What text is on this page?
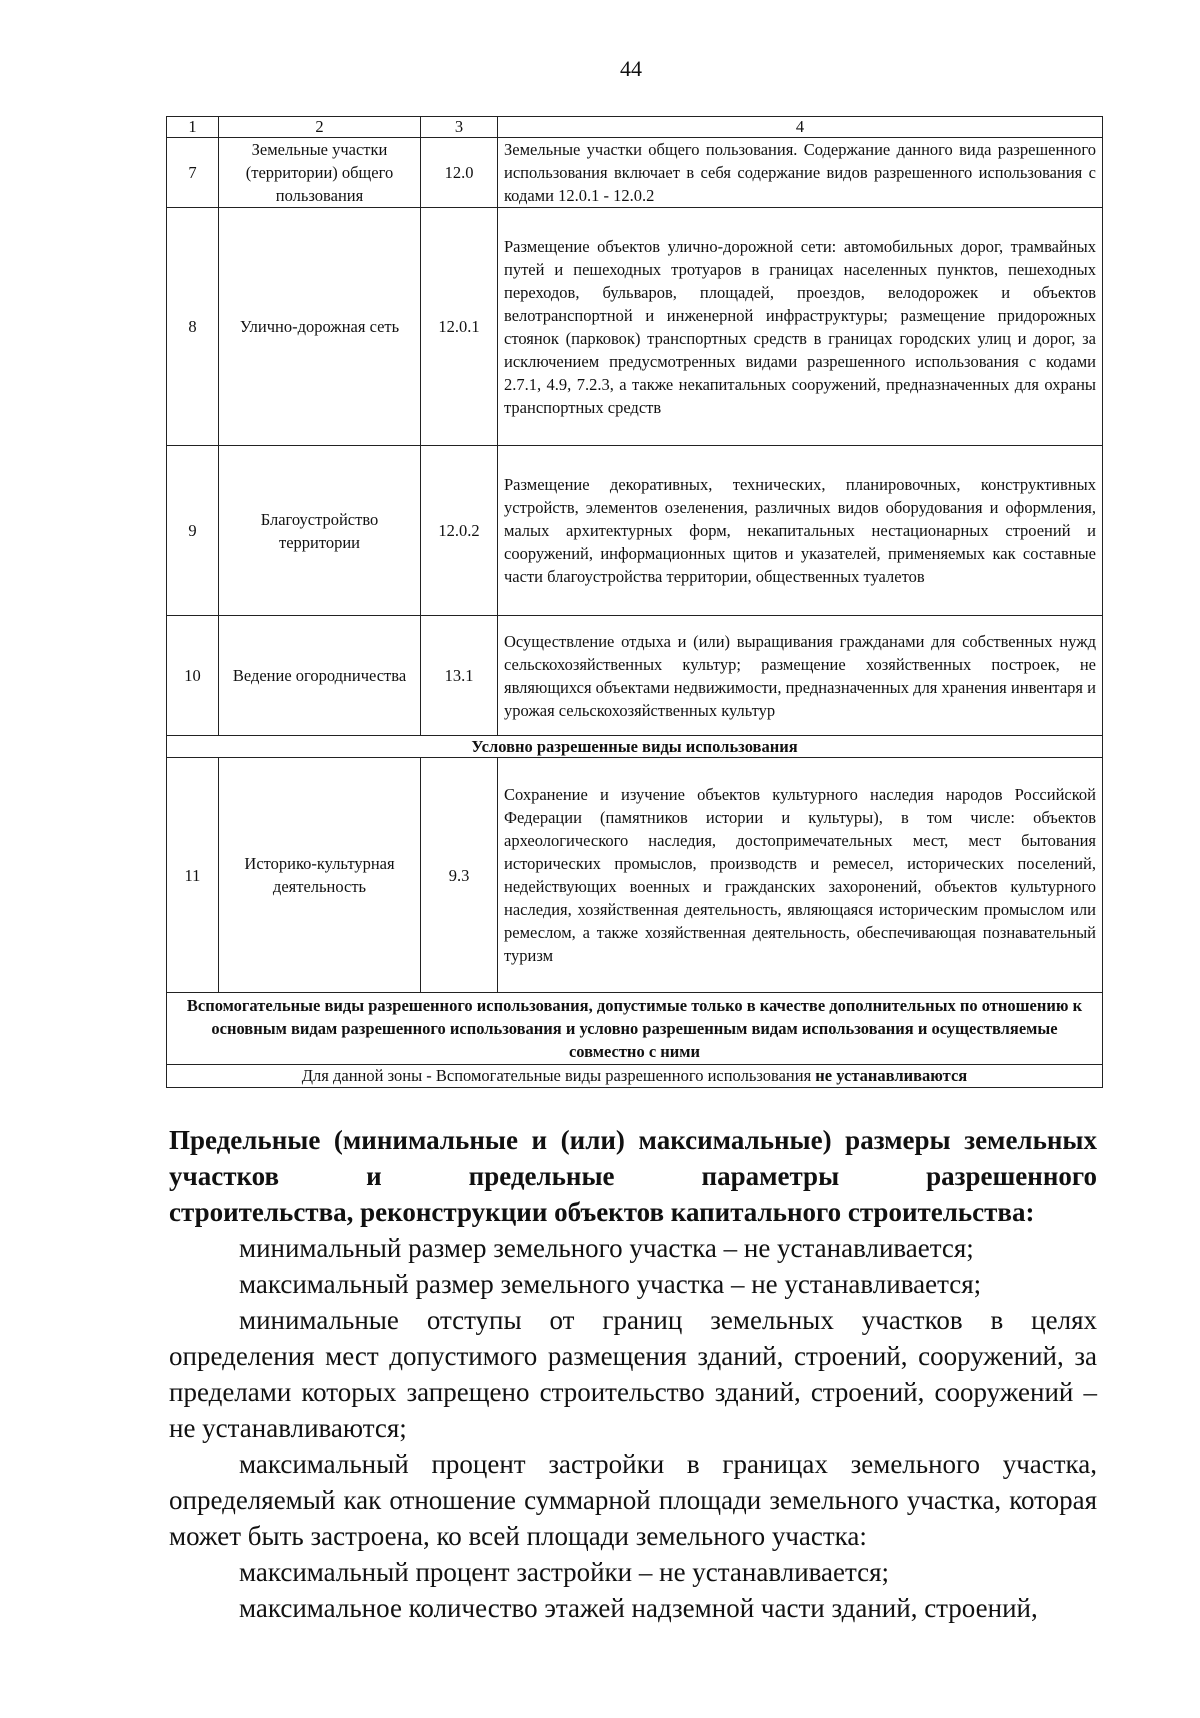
44
1	2	3	4
7	Земельные участки (территории) общего пользования	12.0	Земельные участки общего пользования. Содержание данного вида разрешенного использования включает в себя содержание видов разрешенного использования с кодами 12.0.1 - 12.0.2
8	Улично-дорожная сеть	12.0.1	Размещение объектов улично-дорожной сети: автомобильных дорог, трамвайных путей и пешеходных тротуаров в границах населенных пунктов, пешеходных переходов, бульваров, площадей, проездов, велодорожек и объектов велотранспортной и инженерной инфраструктуры; размещение придорожных стоянок (парковок) транспортных средств в границах городских улиц и дорог, за исключением предусмотренных видами разрешенного использования с кодами 2.7.1, 4.9, 7.2.3, а также некапитальных сооружений, предназначенных для охраны транспортных средств
9	Благоустройство территории	12.0.2	Размещение декоративных, технических, планировочных, конструктивных устройств, элементов озеленения, различных видов оборудования и оформления, малых архитектурных форм, некапитальных нестационарных строений и сооружений, информационных щитов и указателей, применяемых как составные части благоустройства территории, общественных туалетов
10	Ведение огородничества	13.1	Осуществление отдыха и (или) выращивания гражданами для собственных нужд сельскохозяйственных культур; размещение хозяйственных построек, не являющихся объектами недвижимости, предназначенных для хранения инвентаря и урожая сельскохозяйственных культур
Условно разрешенные виды использования			
11	Историко-культурная деятельность	9.3	Сохранение и изучение объектов культурного наследия народов Российской Федерации (памятников истории и культуры), в том числе: объектов археологического наследия, достопримечательных мест, мест бытования исторических промыслов, производств и ремесел, исторических поселений, недействующих военных и гражданских захоронений, объектов культурного наследия, хозяйственная деятельность, являющаяся историческим промыслом или ремеслом, а также хозяйственная деятельность, обеспечивающая познавательный туризм
Вспомогательные виды разрешенного использования, допустимые только в качестве дополнительных по отношению к основным видам разрешенного использования и условно разрешенным видам использования и осуществляемые совместно с ними			
Для данной зоны - Вспомогательные виды разрешенного использования не устанавливаются			
Предельные (минимальные и (или) максимальные) размеры земельных участков и предельные параметры разрешенного
строительства, реконструкции объектов капитального строительства:
минимальный размер земельного участка – не устанавливается;
максимальный размер земельного участка – не устанавливается;
минимальные отступы от границ земельных участков в целях определения мест допустимого размещения зданий, строений, сооружений, за пределами которых запрещено строительство зданий, строений, сооружений – не устанавливаются;
максимальный процент застройки в границах земельного участка, определяемый как отношение суммарной площади земельного участка, которая может быть застроена, ко всей площади земельного участка:
максимальный процент застройки – не устанавливается;
максимальное количество этажей надземной части зданий, строений,
